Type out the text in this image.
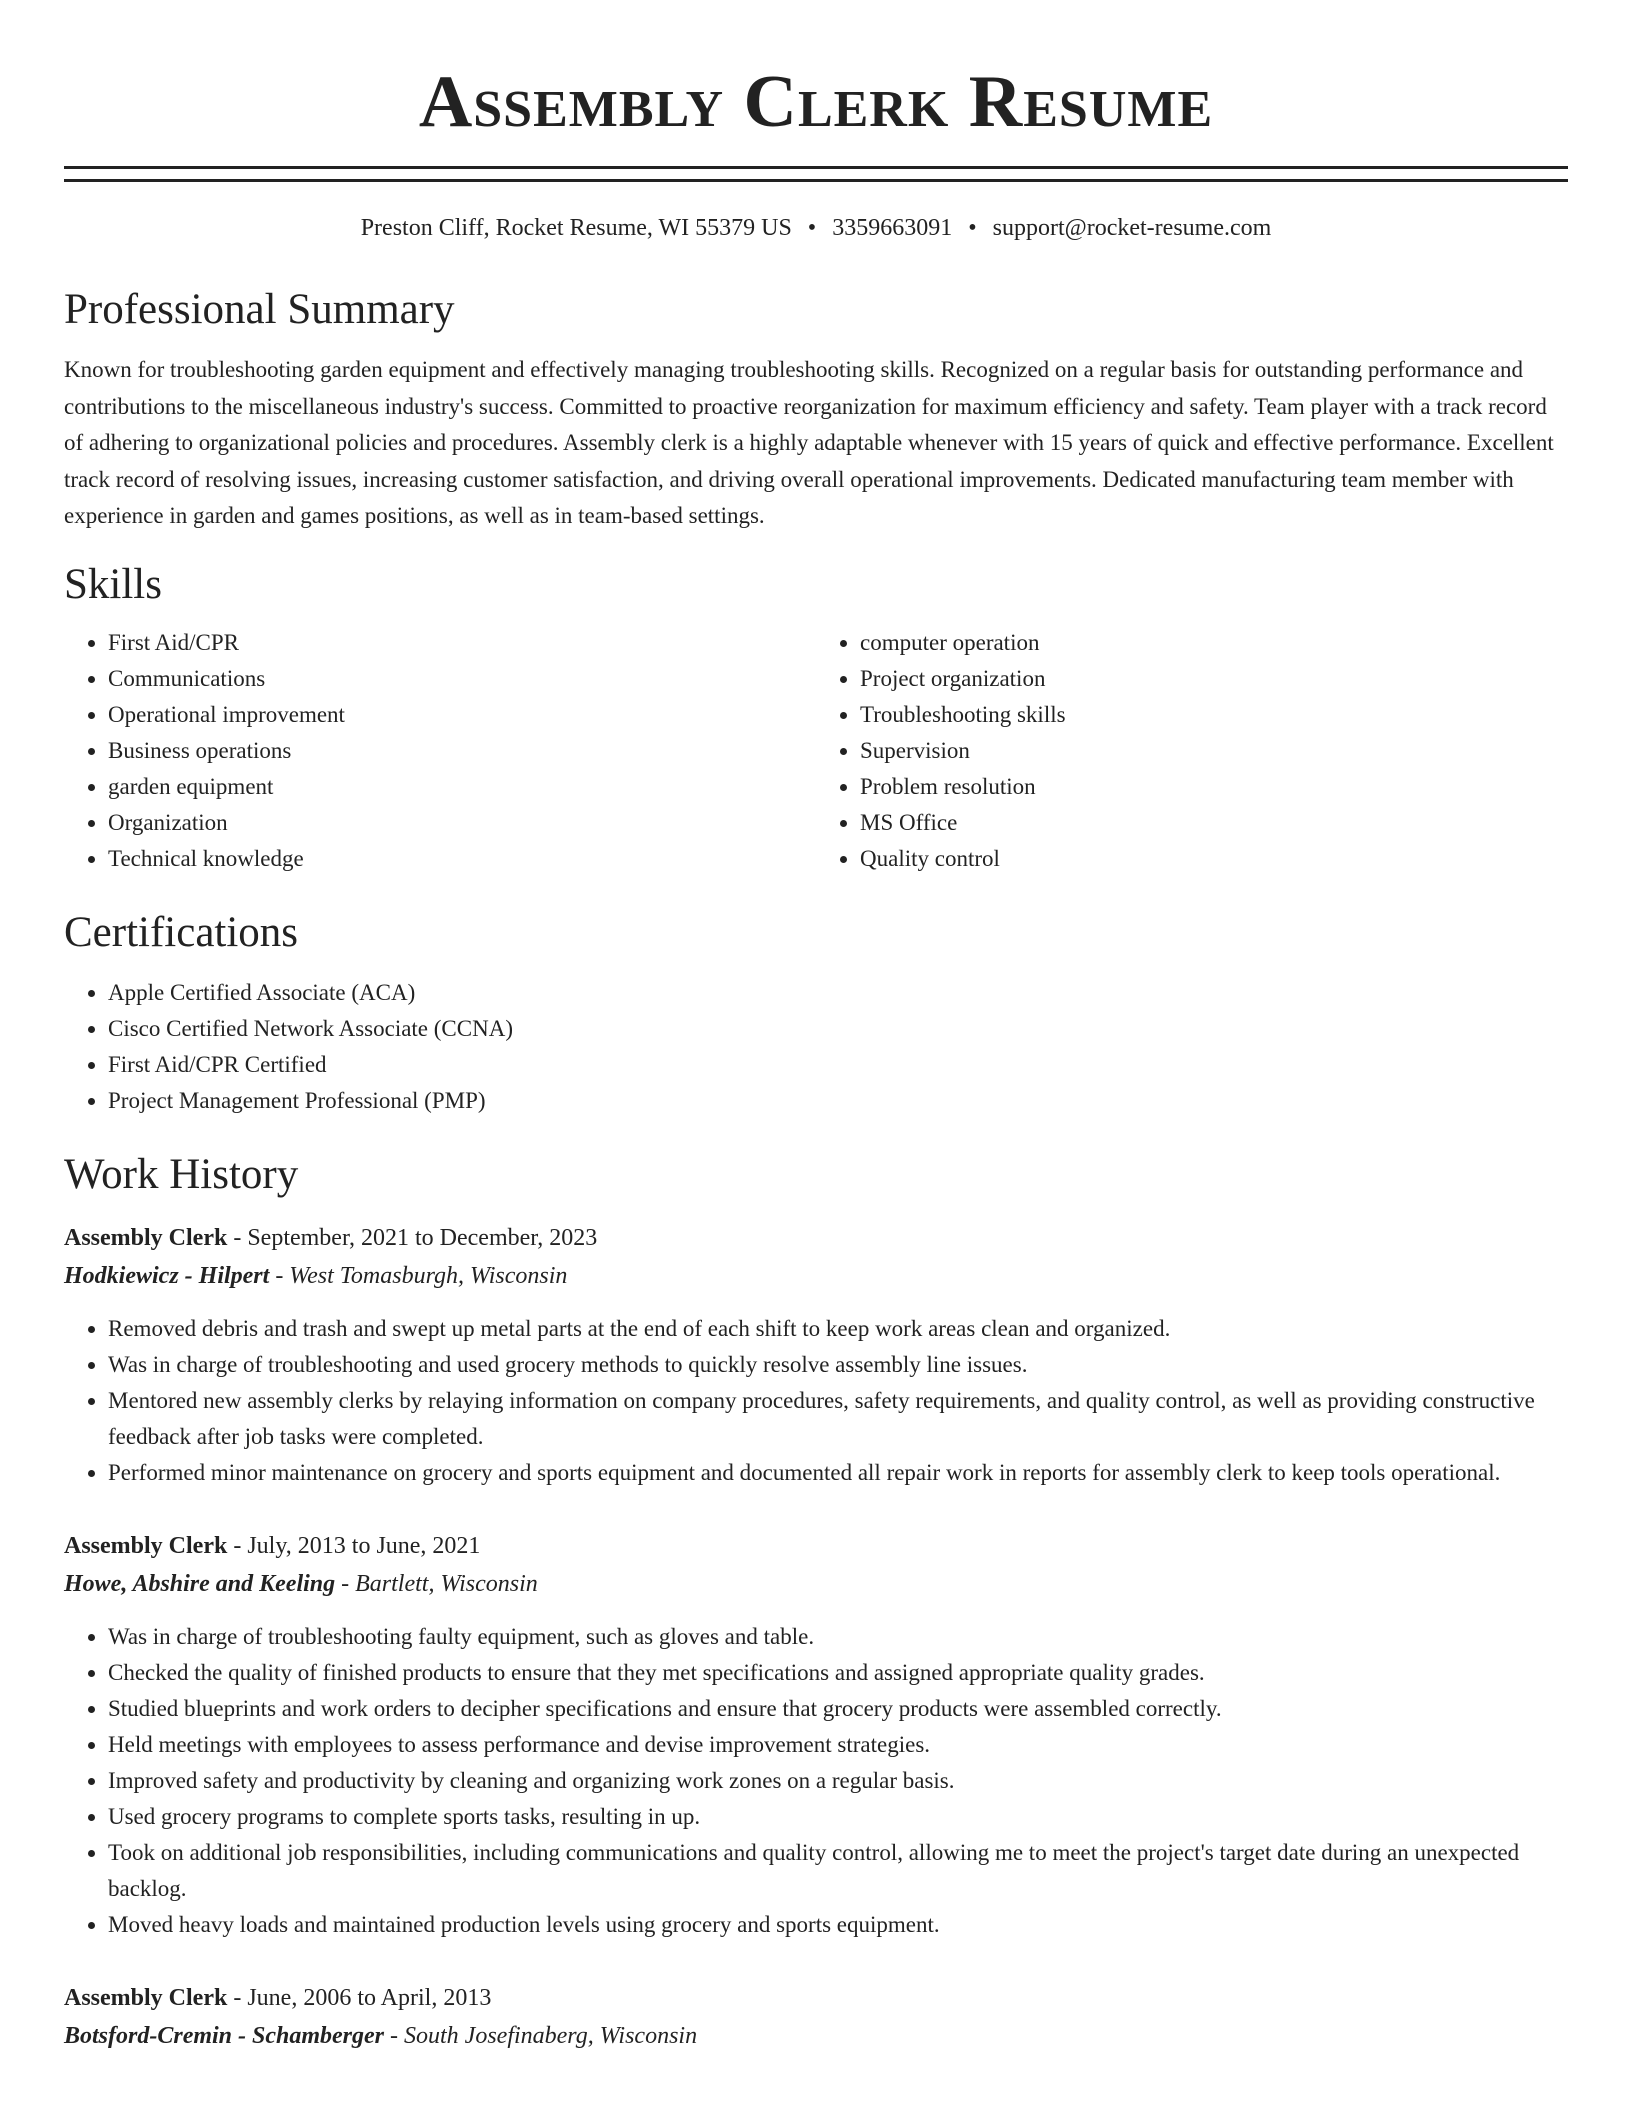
Assembly Clerk Resume
Preston Cliff, Rocket Resume, WI 55379 US • 3359663091 • support@rocket-resume.com
Professional Summary

Known for troubleshooting garden equipment and effectively managing troubleshooting skills. Recognized on a regular basis for outstanding performance and contributions to the miscellaneous industry's success. Committed to proactive reorganization for maximum efficiency and safety. Team player with a track record of adhering to organizational policies and procedures. Assembly clerk is a highly adaptable whenever with 15 years of quick and effective performance. Excellent track record of resolving issues, increasing customer satisfaction, and driving overall operational improvements. Dedicated manufacturing team member with experience in garden and games positions, as well as in team-based settings.

Skills
• First Aid/CPR
• Communications
• Operational improvement
• Business operations
• garden equipment
• Organization
• Technical knowledge
• computer operation
• Project organization
• Troubleshooting skills
• Supervision
• Problem resolution
• MS Office
• Quality control
Certifications
• Apple Certified Associate (ACA)
• Cisco Certified Network Associate (CCNA)
• First Aid/CPR Certified
• Project Management Professional (PMP)
Work History
Assembly Clerk - September, 2021 to December, 2023
Hodkiewicz - Hilpert - West Tomasburgh, Wisconsin
• Removed debris and trash and swept up metal parts at the end of each shift to keep work areas clean and organized.
• Was in charge of troubleshooting and used grocery methods to quickly resolve assembly line issues.
• Mentored new assembly clerks by relaying information on company procedures, safety requirements, and quality control, as well as providing constructive feedback after job tasks were completed.
• Performed minor maintenance on grocery and sports equipment and documented all repair work in reports for assembly clerk to keep tools operational.
Assembly Clerk - July, 2013 to June, 2021
Howe, Abshire and Keeling - Bartlett, Wisconsin
• Was in charge of troubleshooting faulty equipment, such as gloves and table.
• Checked the quality of finished products to ensure that they met specifications and assigned appropriate quality grades.
• Studied blueprints and work orders to decipher specifications and ensure that grocery products were assembled correctly.
• Held meetings with employees to assess performance and devise improvement strategies.
• Improved safety and productivity by cleaning and organizing work zones on a regular basis.
• Used grocery programs to complete sports tasks, resulting in up.
• Took on additional job responsibilities, including communications and quality control, allowing me to meet the project's target date during an unexpected backlog.
• Moved heavy loads and maintained production levels using grocery and sports equipment.
Assembly Clerk - June, 2006 to April, 2013
Botsford-Cremin - Schamberger - South Josefinaberg, Wisconsin
